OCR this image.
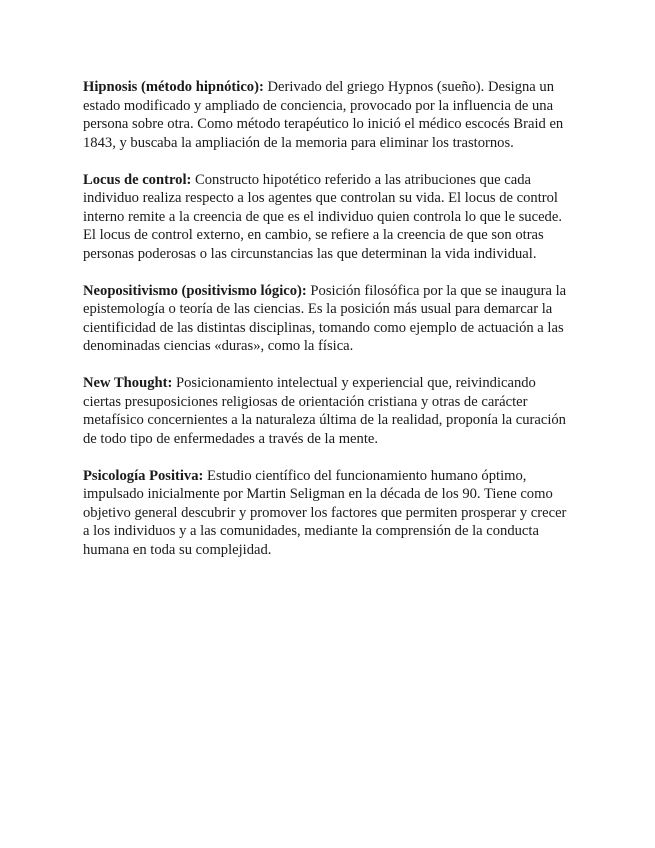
Hipnosis (método hipnótico): Derivado del griego Hypnos (sueño). Designa un estado modificado y ampliado de conciencia, provocado por la influencia de una persona sobre otra. Como método terapéutico lo inició el médico escocés Braid en 1843, y buscaba la ampliación de la memoria para eliminar los trastornos.

Locus de control: Constructo hipotético referido a las atribuciones que cada individuo realiza respecto a los agentes que controlan su vida. El locus de control interno remite a la creencia de que es el individuo quien controla lo que le sucede. El locus de control externo, en cambio, se refiere a la creencia de que son otras personas poderosas o las circunstancias las que determinan la vida individual.

Neopositivismo (positivismo lógico): Posición filosófica por la que se inaugura la epistemología o teoría de las ciencias. Es la posición más usual para demarcar la cientificidad de las distintas disciplinas, tomando como ejemplo de actuación a las denominadas ciencias «duras», como la física.

New Thought: Posicionamiento intelectual y experiencial que, reivindicando ciertas presuposiciones religiosas de orientación cristiana y otras de carácter metafísico concernientes a la naturaleza última de la realidad, proponía la curación de todo tipo de enfermedades a través de la mente.

Psicología Positiva: Estudio científico del funcionamiento humano óptimo, impulsado inicialmente por Martin Seligman en la década de los 90. Tiene como objetivo general descubrir y promover los factores que permiten prosperar y crecer a los individuos y a las comunidades, mediante la comprensión de la conducta humana en toda su complejidad.
